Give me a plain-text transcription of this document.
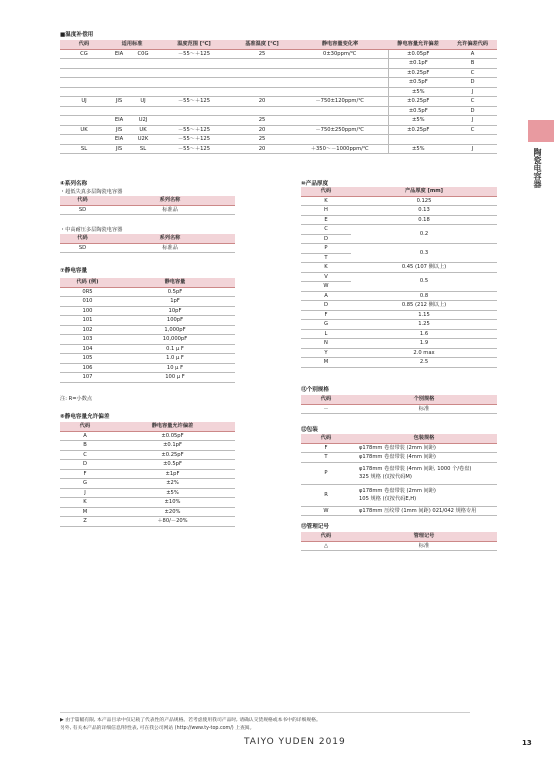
■温度补偿用
代码	适用标准		温度范围 [℃]	基准温度 [℃]	静电容量变化率	静电容量允许偏差	允许偏差代码
CG	EIA	C0G	－55～＋125	25	0±30ppm/℃	±0.05pF	A
						±0.1pF	B
						±0.25pF	C
						±0.5pF	D
						±5%	J
UJ	JIS	UJ	－55～＋125	20	－750±120ppm/℃	±0.25pF	C
						±0.5pF	D
	EIA	U2J		25		±5%	J
UK	JIS	UK	－55～＋125	20	－750±250ppm/℃	±0.25pF	C
	EIA	U2K	－55～＋125	25			
SL	JIS	SL	－55～＋125	20	＋350～－1000ppm/℃	±5%	J
④系列名称
・超低失真多层陶瓷电容器
代码	系列名称
SD	标准品
・中高耐压多层陶瓷电容器
代码	系列名称
SD	标准品
⑦静电容量
代码 (例)	静电容量
0R5	0.5pF
010	1pF
100	10pF
101	100pF
102	1,000pF
103	10,000pF
104	0.1 μ F
105	1.0 μ F
106	10 μ F
107	100 μ F
注: R=小数点
⑧静电容量允许偏差
代码	静电容量允许偏差
A	±0.05pF
B	±0.1pF
C	±0.25pF
D	±0.5pF
F	±1pF
G	±2%
J	±5%
K	±10%
M	±20%
Z	＋80/－20%
⑩产品厚度
代码	产品厚度 [mm]
K	0.125
H	0.13
E	0.18
C	0.2
D	
P	0.3
T	
K	0.45 (107 侧以上)
V	0.5
W	
A	0.8
D	0.85 (212 侧以上)
F	1.15
G	1.25
L	1.6
N	1.9
Y	2.0 max
M	2.5
⑪个别规格
代码	个别规格
－	标准
⑫包装
代码	包装规格
F	φ178mm 卷盘带装 (2mm 间距)

T	φ178mm 卷盘带装 (4mm 间距)

P	φ178mm 卷盘带装 (4mm 间距, 1000 个/卷盘)
325 规格 (仅按代码M)

R	φ178mm 卷盘带装 (2mm 间距)
105 规格 (仅按代码E,H)

W	φ178mm 压纹带 (1mm 间距) 021/042 规格专用
⑬管理记号
代码	管理记号
△	标准
陶瓷电容器
▶ 由于篇幅有限, 本产品目录中仅记载了代表性的产品规格。若考虑使用我司产品时, 请确认交货规格或本书中的详细规格。
另外, 有关本产品的详细信息/特性表, 可在我公司网站 (http://www.ty-top.com/) 上查阅。
TAIYO YUDEN 2019	13
